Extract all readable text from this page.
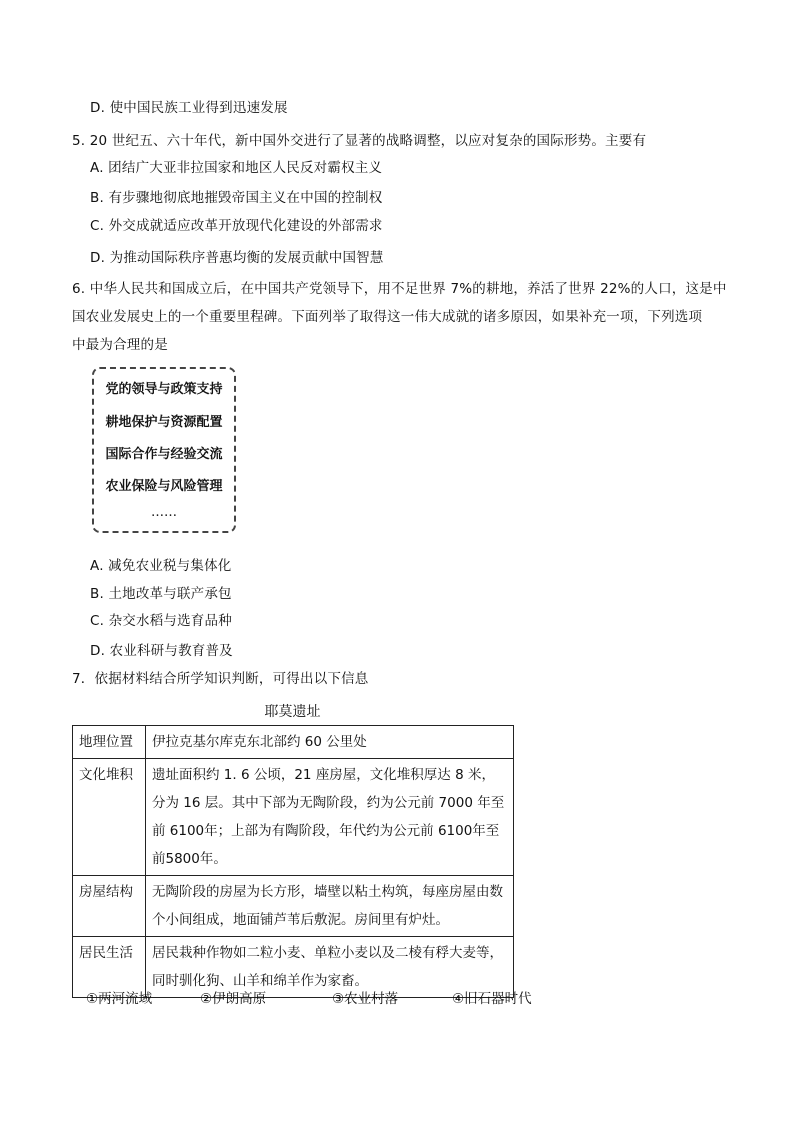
D. 使中国民族工业得到迅速发展
5. 20 世纪五、六十年代，新中国外交进行了显著的战略调整，以应对复杂的国际形势。主要有
A. 团结广大亚非拉国家和地区人民反对霸权主义
B. 有步骤地彻底地摧毁帝国主义在中国的控制权
C. 外交成就适应改革开放现代化建设的外部需求
D. 为推动国际秩序普惠均衡的发展贡献中国智慧
6. 中华人民共和国成立后，在中国共产党领导下，用不足世界 7%的耕地，养活了世界 22%的人口，这是中
国农业发展史上的一个重要里程碑。下面列举了取得这一伟大成就的诸多原因，如果补充一项，下列选项
中最为合理的是
党的领导与政策支持
耕地保护与资源配置
国际合作与经验交流
农业保险与风险管理
……
A. 减免农业税与集体化
B. 土地改革与联产承包
C. 杂交水稻与选育品种
D. 农业科研与教育普及
7．依据材料结合所学知识判断，可得出以下信息
耶莫遗址
地理位置	伊拉克基尔库克东北部约 60 公里处
文化堆积	遗址面积约 1. 6 公顷，21 座房屋，文化堆积厚达 8 米，分为 16 层。其中下部为无陶阶段，约为公元前 7000 年至前 6100年；上部为有陶阶段，年代约为公元前 6100年至前5800年。
房屋结构	无陶阶段的房屋为长方形，墙壁以粘土构筑，每座房屋由数个小间组成，地面铺芦苇后敷泥。房间里有炉灶。
居民生活	居民栽种作物如二粒小麦、单粒小麦以及二棱有稃大麦等，同时驯化狗、山羊和绵羊作为家畜。
①两河流域	②伊朗高原	③农业村落	④旧石器时代
